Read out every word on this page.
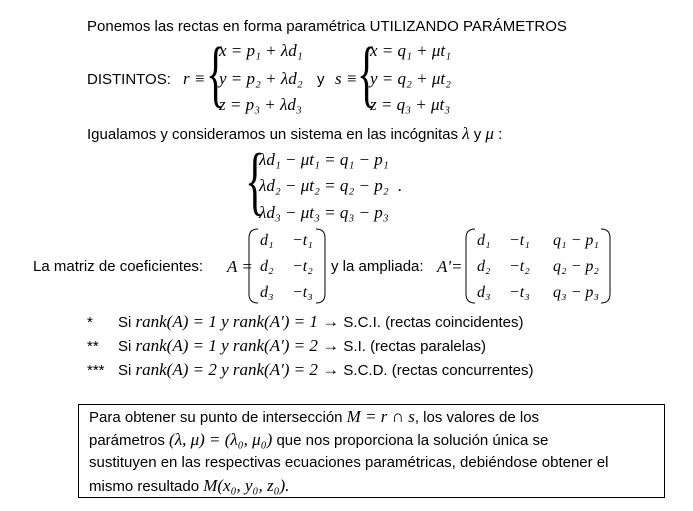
Ponemos las rectas en forma paramétrica UTILIZANDO PARÁMETROS
DISTINTOS: r ≡ {
x = p₁ + λd₁
y = p₂ + λd₂
z = p₃ + λd₃
y s ≡ {
x = q₁ + μt₁
y = q₂ + μt₂
z = q₃ + μt₃
Igualamos y consideramos un sistema en las incógnitas λ y μ :
{
λd₁ − μt₁ = q₁ − p₁
λd₂ − μt₂ = q₂ − p₂
λd₃ − μt₃ = q₃ − p₃
.
La matriz de coeficientes: A =
d₁ −t₁
d₂ −t₂
d₃ −t₃
y la ampliada: A'=
d₁ −t₁ q₁ − p₁
d₂ −t₂ q₂ − p₂
d₃ −t₃ q₃ − p₃
* Si rank(A) = 1 y rank(A') = 1 → S.C.I. (rectas coincidentes)
** Si rank(A) = 1 y rank(A') = 2 → S.I. (rectas paralelas)
*** Si rank(A) = 2 y rank(A') = 2 → S.C.D. (rectas concurrentes)
Para obtener su punto de intersección M = r ∩ s, los valores de los
parámetros (λ, μ) = (λ₀, μ₀) que nos proporciona la solución única se
sustituyen en las respectivas ecuaciones paramétricas, debiéndose obtener el
mismo resultado M(x₀, y₀, z₀).
